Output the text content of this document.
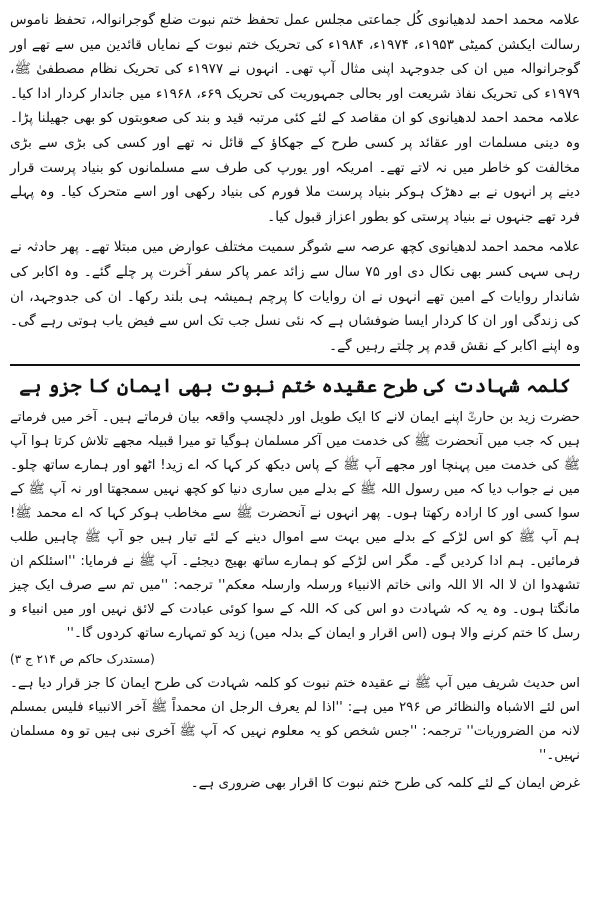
علامہ محمد احمد لدھیانوی کُل جماعتی مجلس عمل تحفظ ختم نبوت ضلع گوجرانوالہ، تحفظ ناموس رسالت ایکشن کمیٹی ۱۹۵۳ء، ۱۹۷۴ء، ۱۹۸۴ء کی تحریک ختم نبوت کے نمایاں قائدین میں سے تھے اور گوجرانوالہ میں ان کی جدوجہد اپنی مثال آپ تھی۔ انہوں نے ۱۹۷۷ء کی تحریک نظام مصطفیٰ ﷺ، ۱۹۷۹ء کی تحریک نفاذ شریعت اور بحالی جمہوریت کی تحریک ۶۹ء، ۱۹۶۸ء میں جاندار کردار ادا کیا۔ علامہ محمد احمد لدھیانوی کو ان مقاصد کے لئے کئی مرتبہ قید و بند کی صعوبتوں کو بھی جھیلنا پڑا۔ وہ دینی مسلمات اور عقائد پر کسی طرح کے جھکاؤ کے قائل نہ تھے اور کسی کی بڑی سے بڑی مخالفت کو خاطر میں نہ لاتے تھے۔ امریکہ اور یورپ کی طرف سے مسلمانوں کو بنیاد پرست قرار دینے پر انہوں نے بے دھڑک ہوکر بنیاد پرست ملا فورم کی بنیاد رکھی اور اسے متحرک کیا۔ وہ پہلے فرد تھے جنہوں نے بنیاد پرستی کو بطور اعزاز قبول کیا۔

علامہ محمد احمد لدھیانوی کچھ عرصہ سے شوگر سمیت مختلف عوارض میں مبتلا تھے۔ پھر حادثہ نے رہی سہی کسر بھی نکال دی اور ۷۵ سال سے زائد عمر پاکر سفر آخرت پر چلے گئے۔ وہ اکابر کی شاندار روایات کے امین تھے انہوں نے ان روایات کا پرچم ہمیشہ ہی بلند رکھا۔ ان کی جدوجہد، ان کی زندگی اور ان کا کردار ایسا ضوفشاں ہے کہ نئی نسل جب تک اس سے فیض یاب ہوتی رہے گی۔ وہ اپنے اکابر کے نقش قدم پر چلتے رہیں گے۔

کلمہ شہادت کی طرح عقیدہ ختم نبوت بھی ایمان کا جزو ہے

حضرت زید بن حارثؓ اپنے ایمان لانے کا ایک طویل اور دلچسپ واقعہ بیان فرماتے ہیں۔ آخر میں فرماتے ہیں کہ جب میں آنحضرت ﷺ کی خدمت میں آکر مسلمان ہوگیا تو میرا قبیلہ مجھے تلاش کرتا ہوا آپ ﷺ کی خدمت میں پہنچا اور مجھے آپ ﷺ کے پاس دیکھ کر کہا کہ اے زید! اٹھو اور ہمارے ساتھ چلو۔ میں نے جواب دیا کہ میں رسول اللہ ﷺ کے بدلے میں ساری دنیا کو کچھ نہیں سمجھتا اور نہ آپ ﷺ کے سوا کسی اور کا ارادہ رکھتا ہوں۔ پھر انہوں نے آنحضرت ﷺ سے مخاطب ہوکر کہا کہ اے محمد ﷺ! ہم آپ ﷺ کو اس لڑکے کے بدلے میں بہت سے اموال دینے کے لئے تیار ہیں جو آپ ﷺ چاہیں طلب فرمائیں۔ ہم ادا کردیں گے۔ مگر اس لڑکے کو ہمارے ساتھ بھیج دیجئے۔ آپ ﷺ نے فرمایا: ''اسئلکم ان تشھدوا ان لا الہ الا اللہ وانی خاتم الانبیاء ورسلہ وارسلہ معکم'' ترجمہ: ''میں تم سے صرف ایک چیز مانگتا ہوں۔ وہ یہ کہ شہادت دو اس کی کہ اللہ کے سوا کوئی عبادت کے لائق نہیں اور میں انبیاء و رسل کا ختم کرنے والا ہوں (اس اقرار و ایمان کے بدلہ میں) زید کو تمہارے ساتھ کردوں گا۔''

(مستدرک حاکم ص ۲۱۴ ج ۳)

اس حدیث شریف میں آپ ﷺ نے عقیدہ ختم نبوت کو کلمہ شہادت کی طرح ایمان کا جز قرار دیا ہے۔ اس لئے الاشباہ والنظائر ص ۲۹۶ میں ہے: ''اذا لم یعرف الرجل ان محمداً ﷺ آخر الانبیاء فلیس بمسلم لانہ من الضروریات'' ترجمہ: ''جس شخص کو یہ معلوم نہیں کہ آپ ﷺ آخری نبی ہیں تو وہ مسلمان نہیں۔''

غرض ایمان کے لئے کلمہ کی طرح ختم نبوت کا اقرار بھی ضروری ہے۔
